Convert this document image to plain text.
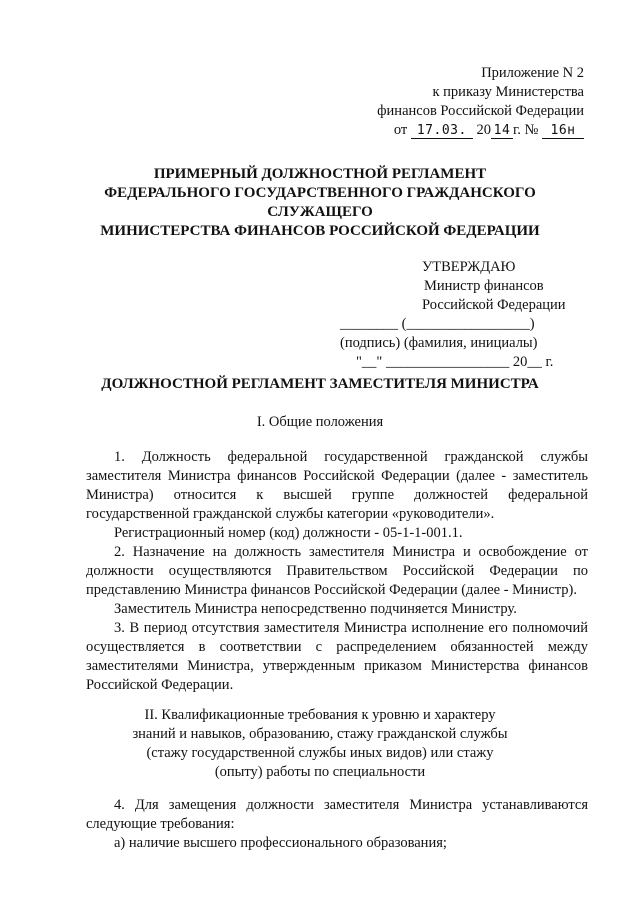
Приложение N 2
к приказу Министерства
финансов Российской Федерации
от 17.03. 20 14 г. № 16н
ПРИМЕРНЫЙ ДОЛЖНОСТНОЙ РЕГЛАМЕНТ
ФЕДЕРАЛЬНОГО ГОСУДАРСТВЕННОГО ГРАЖДАНСКОГО
СЛУЖАЩЕГО
МИНИСТЕРСТВА ФИНАНСОВ РОССИЙСКОЙ ФЕДЕРАЦИИ
УТВЕРЖДАЮ
Министр финансов
Российской Федерации
________ (_________________)
(подпись) (фамилия, инициалы)
"__" _________________ 20__ г.
ДОЛЖНОСТНОЙ РЕГЛАМЕНТ ЗАМЕСТИТЕЛЯ МИНИСТРА
I. Общие положения

1. Должность федеральной государственной гражданской службы заместителя Министра финансов Российской Федерации (далее - заместитель Министра) относится к высшей группе должностей федеральной государственной гражданской службы категории «руководители».

Регистрационный номер (код) должности - 05-1-1-001.1.

2. Назначение на должность заместителя Министра и освобождение от должности осуществляются Правительством Российской Федерации по представлению Министра финансов Российской Федерации (далее - Министр).

Заместитель Министра непосредственно подчиняется Министру.

3. В период отсутствия заместителя Министра исполнение его полномочий осуществляется в соответствии с распределением обязанностей между заместителями Министра, утвержденным приказом Министерства финансов Российской Федерации.

II. Квалификационные требования к уровню и характеру
знаний и навыков, образованию, стажу гражданской службы
(стажу государственной службы иных видов) или стажу
(опыту) работы по специальности

4. Для замещения должности заместителя Министра устанавливаются следующие требования:

а) наличие высшего профессионального образования;
